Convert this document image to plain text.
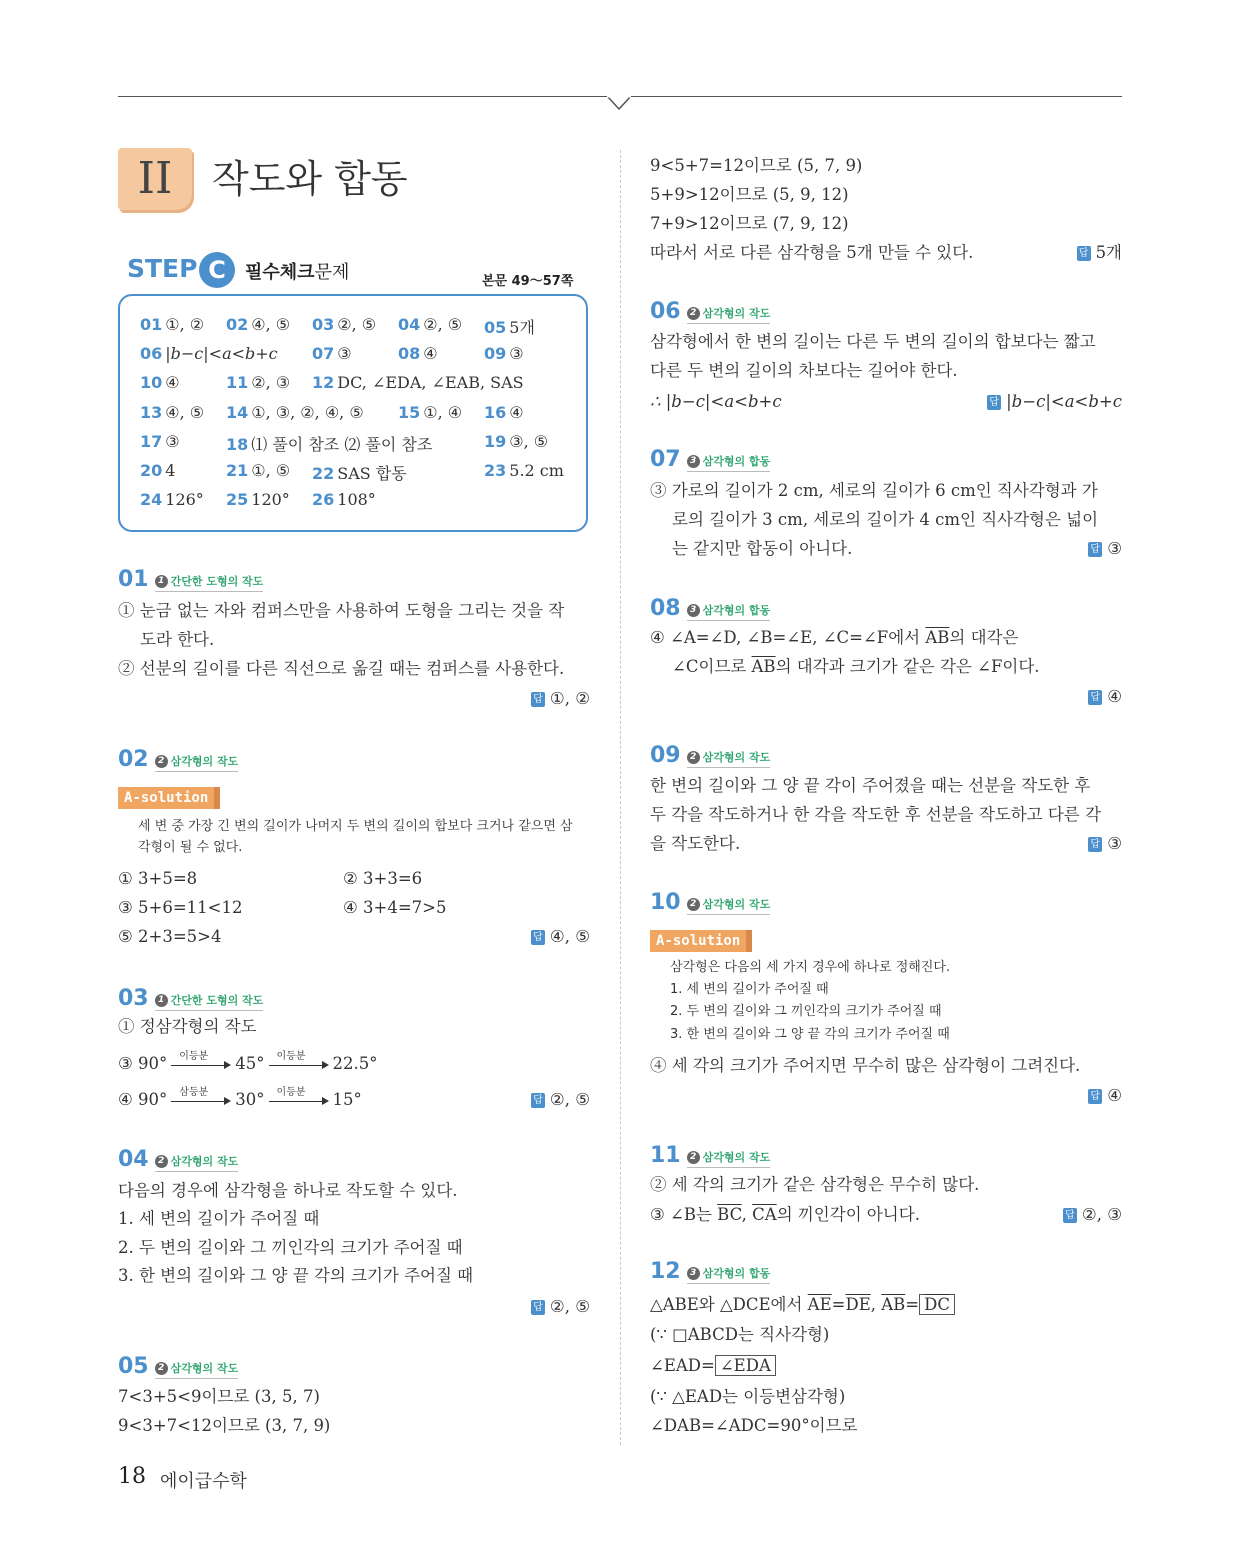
II	작도와 합동
STEP C	필수체크문제	본문 49～57쪽
01 ①, ② 02 ④, ⑤ 03 ②, ⑤ 04 ②, ⑤ 05 5개
06 |b−c|<a<b+c 07 ③	08 ④	09 ③
10 ④	11 ②, ③ 12 DC, ∠EDA, ∠EAB, SAS
13 ④, ⑤ 14 ①, ③, ②, ④, ⑤ 15 ①, ④ 16 ④
17 ③	18 ⑴ 풀이 참조 ⑵ 풀이 참조	19 ③, ⑤
20 4	21 ①, ⑤ 22 SAS 합동	23 5.2 cm
24 126° 25 120° 26 108°
01	1 간단한 도형의 작도
① 눈금 없는 자와 컴퍼스만을 사용하여 도형을 그리는 것을 작
도라 한다.
② 선분의 길이를 다른 직선으로 옮길 때는 컴퍼스를 사용한다.
답 ①, ②
02	2 삼각형의 작도
A-solution
세 변 중 가장 긴 변의 길이가 나머지 두 변의 길이의 합보다 크거나 같으면 삼
각형이 될 수 없다.
① 3+5=8	② 3+3=6
③ 5+6=11<12	④ 3+4=7>5
⑤ 2+3=5>4	답 ④, ⑤
03	1 간단한 도형의 작도
① 정삼각형의 작도
③ 90° 이등분 45° 이등분 22.5°
④ 90° 삼등분 30° 이등분 15°	답 ②, ⑤
04	2 삼각형의 작도
다음의 경우에 삼각형을 하나로 작도할 수 있다.
1. 세 변의 길이가 주어질 때
2. 두 변의 길이와 그 끼인각의 크기가 주어질 때
3. 한 변의 길이와 그 양 끝 각의 크기가 주어질 때
답 ②, ⑤
05	2 삼각형의 작도
7<3+5<9이므로 (3, 5, 7)
9<3+7<12이므로 (3, 7, 9)
9<5+7=12이므로 (5, 7, 9)
5+9>12이므로 (5, 9, 12)
7+9>12이므로 (7, 9, 12)
따라서 서로 다른 삼각형을 5개 만들 수 있다.	답 5개
06	2 삼각형의 작도
삼각형에서 한 변의 길이는 다른 두 변의 길이의 합보다는 짧고
다른 두 변의 길이의 차보다는 길어야 한다.
∴ |b−c|<a<b+c	답 |b−c|<a<b+c
07	3 삼각형의 합동
③ 가로의 길이가 2 cm, 세로의 길이가 6 cm인 직사각형과 가
로의 길이가 3 cm, 세로의 길이가 4 cm인 직사각형은 넓이
는 같지만 합동이 아니다.	답 ③
08	3 삼각형의 합동
④ ∠A=∠D, ∠B=∠E, ∠C=∠F에서 $\overline{AB}$의 대각은
∠C이므로 $\overline{AB}$의 대각과 크기가 같은 각은 ∠F이다.
답 ④
09	2 삼각형의 작도
한 변의 길이와 그 양 끝 각이 주어졌을 때는 선분을 작도한 후
두 각을 작도하거나 한 각을 작도한 후 선분을 작도하고 다른 각
을 작도한다.	답 ③
10	2 삼각형의 작도
A-solution
삼각형은 다음의 세 가지 경우에 하나로 정해진다.
1. 세 변의 길이가 주어질 때
2. 두 변의 길이와 그 끼인각의 크기가 주어질 때
3. 한 변의 길이와 그 양 끝 각의 크기가 주어질 때
④ 세 각의 크기가 주어지면 무수히 많은 삼각형이 그려진다.
답 ④
11	2 삼각형의 작도
② 세 각의 크기가 같은 삼각형은 무수히 많다.
③ ∠B는 $\overline{BC}$, $\overline{CA}$의 끼인각이 아니다.	답 ②, ③
12	3 삼각형의 합동
△ABE와 △DCE에서 $\overline{AE}=\overline{DE}$, $\overline{AB}= \overline{DC}$
(∵ □ABCD는 직사각형)
∠EAD= ∠EDA
(∵ △EAD는 이등변삼각형)
∠DAB=∠ADC=90°이므로
18 에이급수학
